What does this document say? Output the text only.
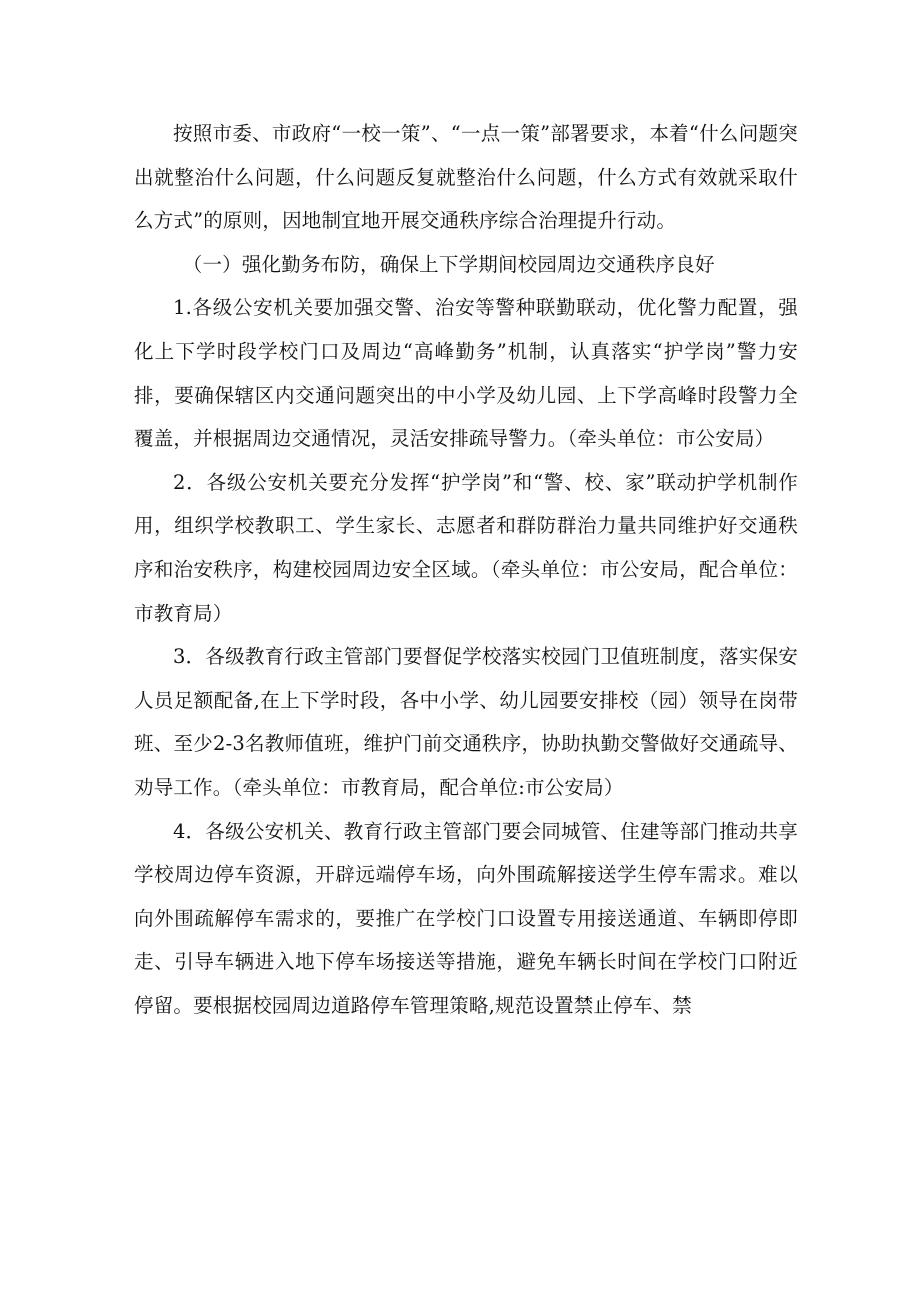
按照市委、市政府“一校一策”、“一点一策”部署要求，本着“什么问题突出就整治什么问题，什么问题反复就整治什么问题，什么方式有效就采取什么方式”的原则，因地制宜地开展交通秩序综合治理提升行动。

（一）强化勤务布防，确保上下学期间校园周边交通秩序良好

1.各级公安机关要加强交警、治安等警种联勤联动，优化警力配置，强化上下学时段学校门口及周边“高峰勤务”机制，认真落实“护学岗”警力安排，要确保辖区内交通问题突出的中小学及幼儿园、上下学高峰时段警力全覆盖，并根据周边交通情况，灵活安排疏导警力。（牵头单位：市公安局）

2．各级公安机关要充分发挥“护学岗”和“警、校、家”联动护学机制作用，组织学校教职工、学生家长、志愿者和群防群治力量共同维护好交通秩序和治安秩序，构建校园周边安全区域。（牵头单位：市公安局，配合单位：市教育局）

3．各级教育行政主管部门要督促学校落实校园门卫值班制度，落实保安人员足额配备,在上下学时段，各中小学、幼儿园要安排校（园）领导在岗带班、至少2-3名教师值班，维护门前交通秩序，协助执勤交警做好交通疏导、劝导工作。（牵头单位：市教育局，配合单位:市公安局）

4．各级公安机关、教育行政主管部门要会同城管、住建等部门推动共享学校周边停车资源，开辟远端停车场，向外围疏解接送学生停车需求。难以向外围疏解停车需求的，要推广在学校门口设置专用接送通道、车辆即停即走、引导车辆进入地下停车场接送等措施，避免车辆长时间在学校门口附近停留。要根据校园周边道路停车管理策略,规范设置禁止停车、禁
